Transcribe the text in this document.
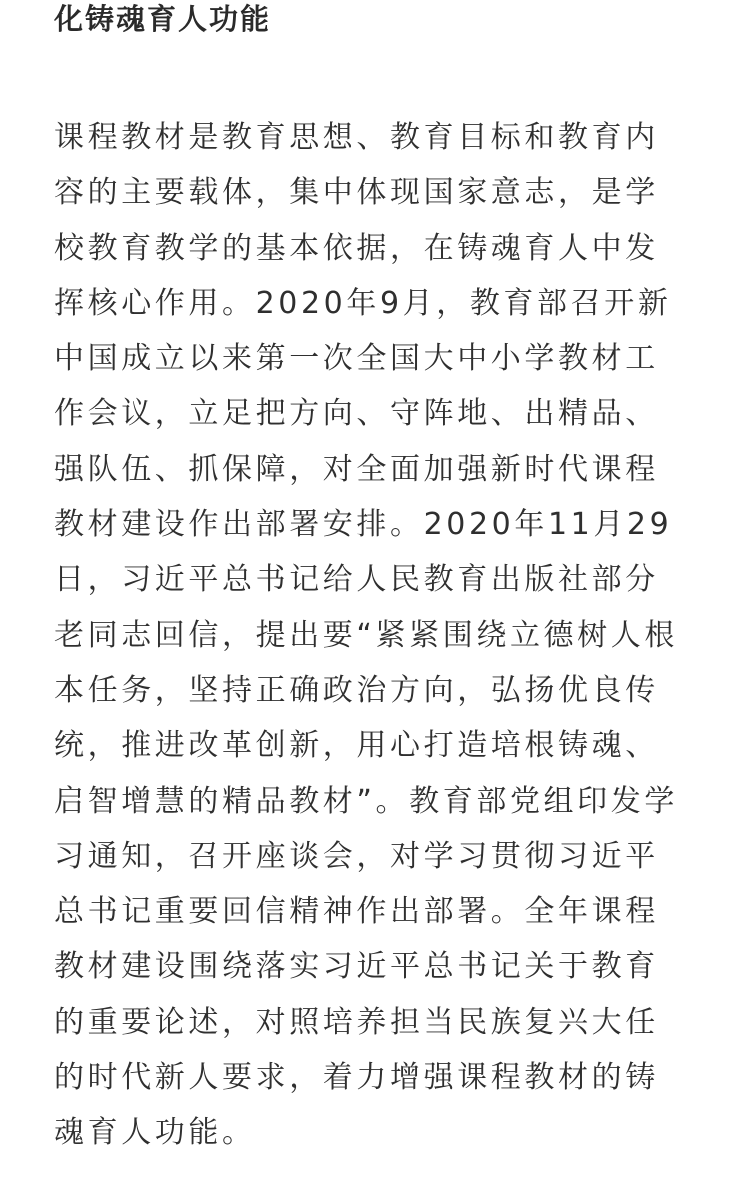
化铸魂育人功能
课程教材是教育思想、教育目标和教育内
容的主要载体，集中体现国家意志，是学
校教育教学的基本依据，在铸魂育人中发
挥核心作用。2020年9月，教育部召开新
中国成立以来第一次全国大中小学教材工
作会议，立足把方向、守阵地、出精品、
强队伍、抓保障，对全面加强新时代课程
教材建设作出部署安排。2020年11月29
日，习近平总书记给人民教育出版社部分
老同志回信，提出要“紧紧围绕立德树人根
本任务，坚持正确政治方向，弘扬优良传
统，推进改革创新，用心打造培根铸魂、
启智增慧的精品教材”。教育部党组印发学
习通知，召开座谈会，对学习贯彻习近平
总书记重要回信精神作出部署。全年课程
教材建设围绕落实习近平总书记关于教育
的重要论述，对照培养担当民族复兴大任
的时代新人要求，着力增强课程教材的铸
魂育人功能。
